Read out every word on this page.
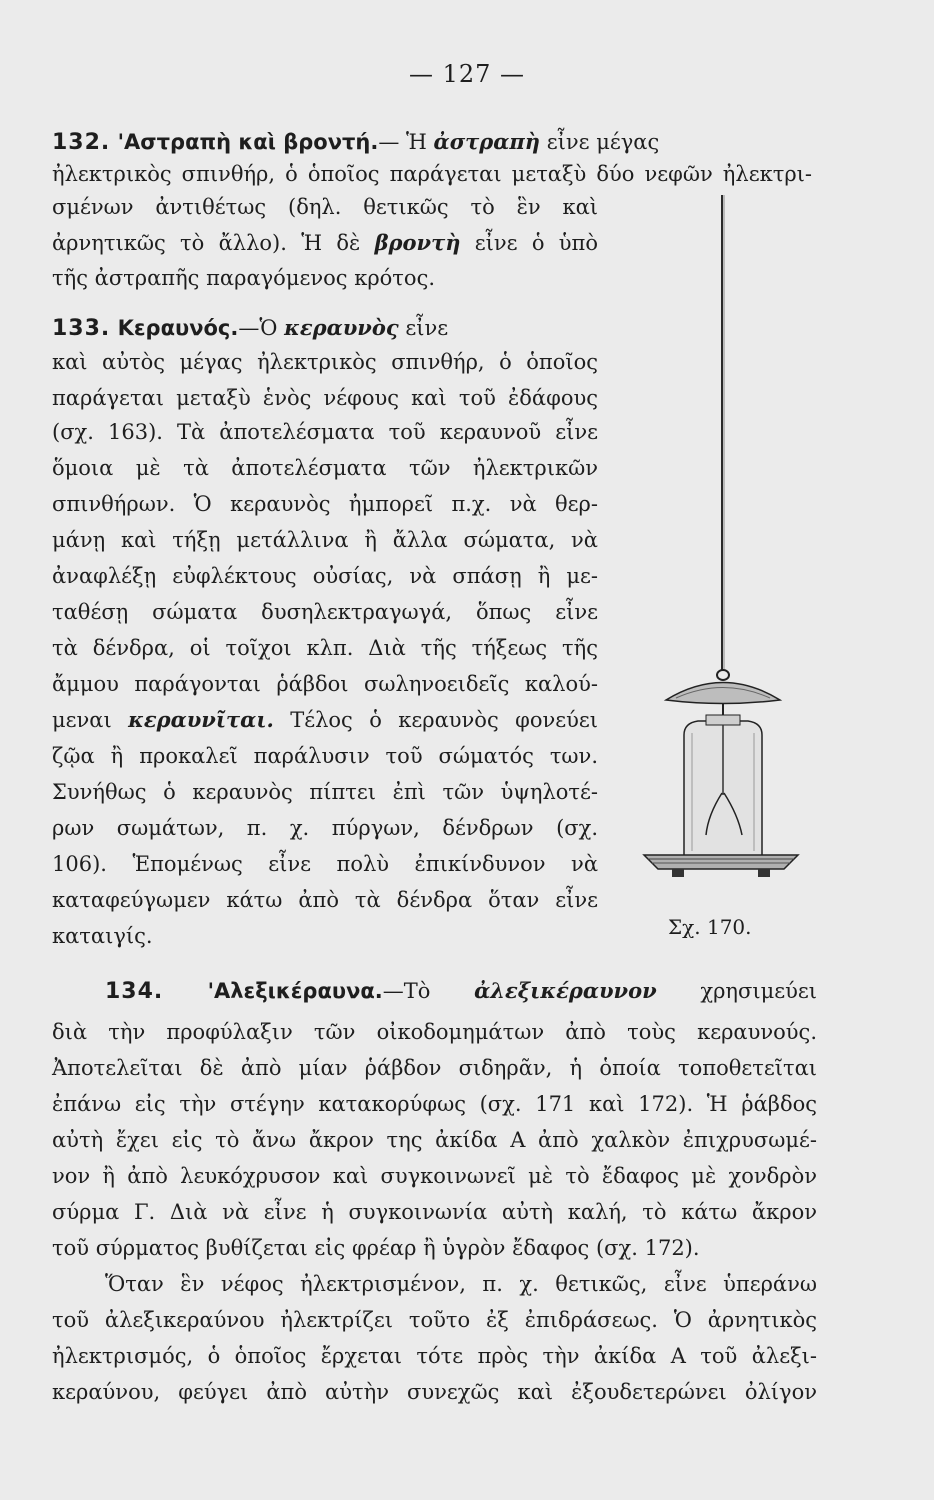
— 127 —
132. 'Αστραπὴ καὶ βροντή.— Ἡ ἀστραπὴ εἶνε μέγας
ἠλεκτρικὸς σπινθήρ, ὁ ὁποῖος παράγεται μεταξὺ δύο νεφῶν ἠλεκτρι-
σμένων ἀντιθέτως (δηλ. θετικῶς τὸ ἓν καὶ
ἀρνητικῶς τὸ ἄλλο). Ἡ δὲ βροντὴ εἶνε ὁ ὑπὸ
τῆς ἀστραπῆς παραγόμενος κρότος.
133. Κεραυνός.—Ὁ κεραυνὸς εἶνε
καὶ αὐτὸς μέγας ἠλεκτρικὸς σπινθήρ, ὁ ὁποῖος
παράγεται μεταξὺ ἑνὸς νέφους καὶ τοῦ ἐδάφους
(σχ. 163). Τὰ ἀποτελέσματα τοῦ κεραυνοῦ εἶνε
ὅμοια μὲ τὰ ἀποτελέσματα τῶν ἠλεκτρικῶν
σπινθήρων. Ὁ κεραυνὸς ἠμπορεῖ π.χ. νὰ θερ-
μάνῃ καὶ τήξῃ μετάλλινα ἢ ἄλλα σώματα, νὰ
ἀναφλέξῃ εὐφλέκτους οὐσίας, νὰ σπάσῃ ἢ με-
ταθέσῃ σώματα δυσηλεκτραγωγά, ὅπως εἶνε
τὰ δένδρα, οἱ τοῖχοι κλπ. Διὰ τῆς τήξεως τῆς
ἄμμου παράγονται ῥάβδοι σωληνοειδεῖς καλού-
μεναι κεραυνῖται. Τέλος ὁ κεραυνὸς φονεύει
ζῷα ἢ προκαλεῖ παράλυσιν τοῦ σώματός των.
Συνήθως ὁ κεραυνὸς πίπτει ἐπὶ τῶν ὑψηλοτέ-
ρων σωμάτων, π. χ. πύργων, δένδρων (σχ.
106). Ἑπομένως εἶνε πολὺ ἐπικίνδυνον νὰ
καταφεύγωμεν κάτω ἀπὸ τὰ δένδρα ὅταν εἶνε
καταιγίς.	Σχ. 170.
134. 'Αλεξικέραυνα.—Τὸ ἀλεξικέραυνον χρησιμεύει
διὰ τὴν προφύλαξιν τῶν οἰκοδομημάτων ἀπὸ τοὺς κεραυνούς.
Ἀποτελεῖται δὲ ἀπὸ μίαν ῥάβδον σιδηρᾶν, ἡ ὁποία τοποθετεῖται
ἐπάνω εἰς τὴν στέγην κατακορύφως (σχ. 171 καὶ 172). Ἡ ῥάβδος
αὐτὴ ἔχει εἰς τὸ ἄνω ἄκρον της ἀκίδα Α ἀπὸ χαλκὸν ἐπιχρυσωμέ-
νον ἢ ἀπὸ λευκόχρυσον καὶ συγκοινωνεῖ μὲ τὸ ἔδαφος μὲ χονδρὸν
σύρμα Γ. Διὰ νὰ εἶνε ἡ συγκοινωνία αὐτὴ καλή, τὸ κάτω ἄκρον
τοῦ σύρματος βυθίζεται εἰς φρέαρ ἢ ὑγρὸν ἔδαφος (σχ. 172).
Ὅταν ἓν νέφος ἠλεκτρισμένον, π. χ. θετικῶς, εἶνε ὑπεράνω
τοῦ ἀλεξικεραύνου ἠλεκτρίζει τοῦτο ἐξ ἐπιδράσεως. Ὁ ἀρνητικὸς
ἠλεκτρισμός, ὁ ὁποῖος ἔρχεται τότε πρὸς τὴν ἀκίδα Α τοῦ ἀλεξι-
κεραύνου, φεύγει ἀπὸ αὐτὴν συνεχῶς καὶ ἐξουδετερώνει ὀλίγον
